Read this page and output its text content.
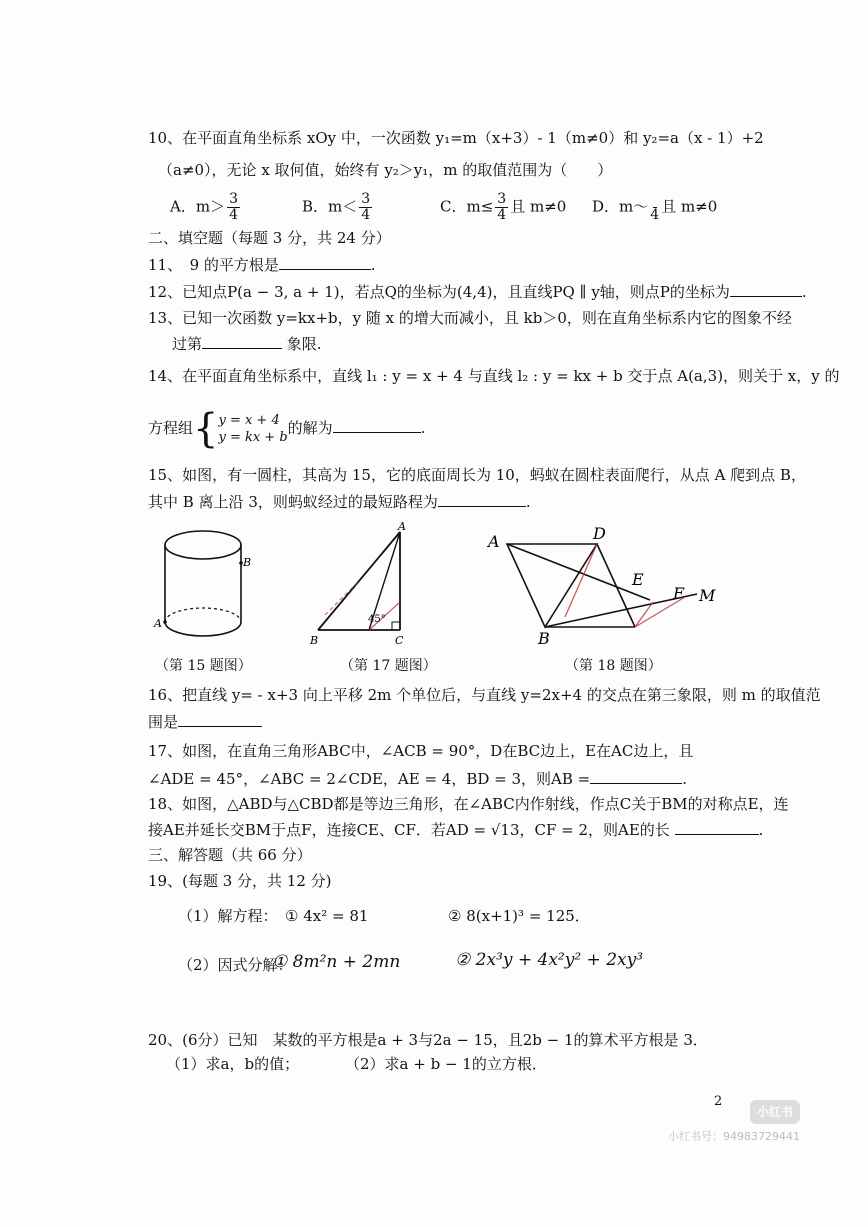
10、在平面直角坐标系 xOy 中，一次函数 y₁=m（x+3）- 1（m≠0）和 y₂=a（x - 1）+2
（a≠0），无论 x 取何值，始终有 y₂＞y₁，m 的取值范围为（　　）
A．$m> \frac{3}{4}$	B．$m< \frac{3}{4}$	C．$m\le \frac{3}{4}$ 且 m≠0 D．m～ 4 且 m≠0
二、填空题（每题 3 分，共 24 分）
11、　9 的平方根是	.
12、已知点P(a − 3, a + 1)，若点Q的坐标为(4,4)，且直线PQ ∥ y轴，则点P的坐标为	.
13、已知一次函数 y=kx+b，y 随 x 的增大而减小，且 kb＞0，则在直角坐标系内它的图象不经
过第	象限.
14、在平面直角坐标系中，直线 l₁ : y = x + 4 与直线 l₂ : y = kx + b 交于点 A(a,3)，则关于 x，y 的
方程组{ y = x + 4
y = kx + b
的解为	.
15、如图，有一圆柱，其高为 15，它的底面周长为 10，蚂蚁在圆柱表面爬行，从点 A 爬到点 B，
其中 B 离上沿 3，则蚂蚁经过的最短路程为	.
B
A
A
B	C
45°
A	D
E
F M
B
（第 15 题图）	（第 17 题图）	（第 18 题图）
16、把直线 y= - x+3 向上平移 2m 个单位后，与直线 y=2x+4 的交点在第三象限，则 m 的取值范
围是
17、如图，在直角三角形ABC中，∠ACB = 90°，D在BC边上，E在AC边上，且
∠ADE = 45°，∠ABC = 2∠CDE，AE = 4，BD = 3，则AB =	.
18、如图，△ABD与△CBD都是等边三角形，在∠ABC内作射线，作点C关于BM的对称点E，连
接AE并延长交BM于点F，连接CE、CF．若AD = √13，CF = 2，则AE的长	.
三、解答题（共 66 分）
19、(每题 3 分，共 12 分)
（1）解方程： ① 4x² = 81	② 8(x+1)³ = 125．
（2）因式分解：
① 8m²n + 2mn	② 2x³y + 4x²y² + 2xy³
20、(6分）已知　某数的平方根是a + 3与2a − 15，且2b − 1的算术平方根是 3．
（1）求a，b的值；	（2）求a + b − 1的立方根．
2
小红书
小红书号：94983729441
